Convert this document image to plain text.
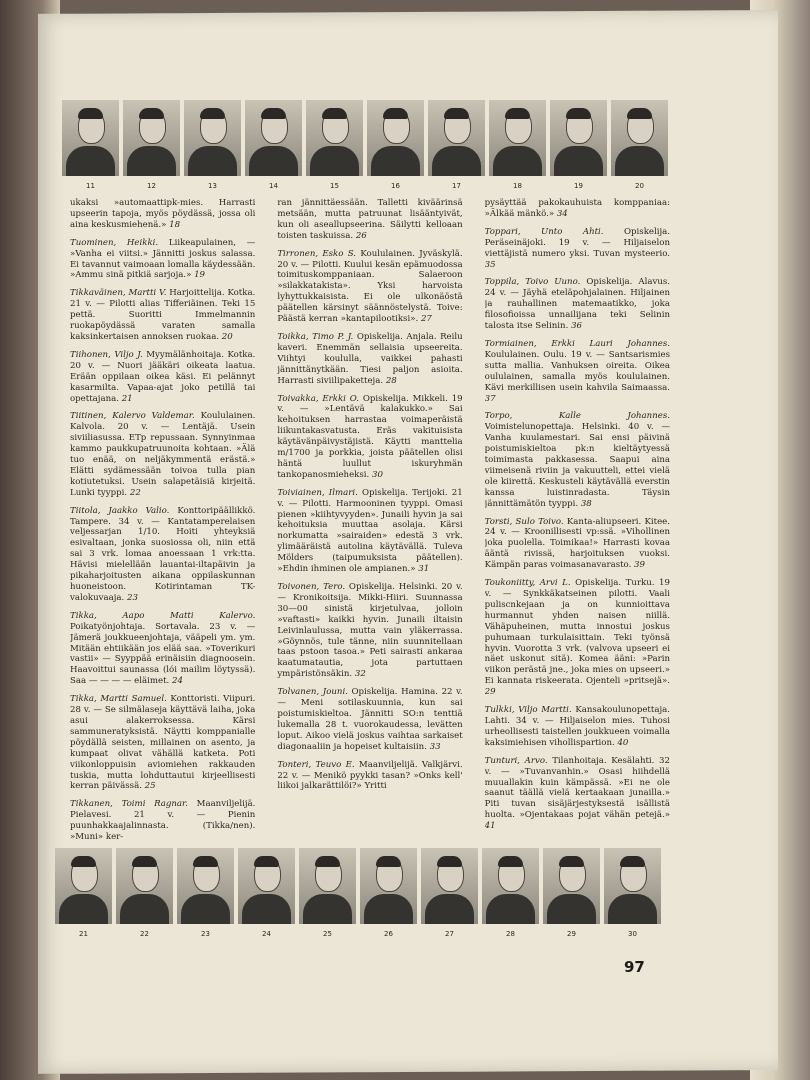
11	12	13	14	15	16	17	18	19	20
21	22	23	24	25	26	27	28	29	30

ukaksi »automaattipk-mies. Harrasti upseerin tapoja, myös pöydässä, jossa oli aina keskusmiehenä.» 18

Tuominen, Heikki. Liikeapulainen, — »Vanha ei viitsi.» Jännitti joskus salassa. Ei tavannut vaimoaan lomalla käydessään. »Ammu sinä pitkiä sarjoja.» 19

Tikkaväinen, Martti V. Harjoittelija. Kotka. 21 v. — Pilotti alias Tifferiäinen. Teki 15 pettä. Suoritti Immelmannin ruokapöydässä varaten samalla kaksinkertaisen annoksen ruokaa. 20

Tiihonen, Viljo J. Myymälänhoitaja. Kotka. 20 v. — Nuori jääkäri oikeata laatua. Erään oppilaan oikea käsi. Ei pelännyt kasarmilta. Vapaa-ajat joko petillä tai opettajana. 21

Tiitinen, Kalervo Valdemar. Koululainen. Kalvola. 20 v. — Lentäjä. Usein siviiliasussa. ETp repussaan. Synnyinmaa kammo paukkupatruunoita kohtaan. »Älä tuo enää, on neljäkymmentä erästä.» Elätti sydämessään toivoa tulla pian kotiutetuksi. Usein salapetäisiä kirjeitä. Lunki tyyppi. 22

Tiitola, Jaakko Valio. Konttoripäällikkö. Tampere. 34 v. — Kantatamperelaisen veljessarjan 1/10. Hoiti yhteyksiä esivaltaan, jonka suosiossa oli, niin että sai 3 vrk. lomaa anoessaan 1 vrk:tta. Hävisi mielellään lauantai-iltapäivin ja pikaharjoitusten aikana oppilaskunnan huoneistoon. Kotirintaman TK-valokuvaaja. 23

Tikka, Aapo Matti Kalervo. Poikatyönjohtaja. Sortavala. 23 v. — Jämerä joukkueenjohtaja, vääpeli ym. ym. Mitään ehtiikään jos elää saa. »Toverikuri vastii» — Syyppää erinäisiin diagnoosein. Haavoittui saunassa (lói mailim löytyssä). Saa — — — — eläimet. 24

Tikka, Martti Samuel. Konttoristi. Viipuri. 28 v. — Se silmälaseja käyttävä laiha, joka asui alakerroksessa. Kärsi sammuneratyksistä. Näytti komppanialle pöydällä seisten, millainen on asento, ja kumpaat olivat vähällä katketa. Poti viikonloppuisin aviomiehen rakkauden tuskia, mutta lohduttautui kirjeellisesti kerran päivässä. 25

Tikkanen, Toimi Ragnar. Maanviljelijä. Pielavesi. 21 v. — Pienin puunhakkaajalinnasta. (Tikka/nen). »Muni» ker-

ran jännittäessään. Talletti kiväärinsä metsään, mutta patruunat lisääntyivät, kun oli aseallupseerina. Säilytti kelloaan toisten taskuissa. 26

Tirronen, Esko S. Koululainen. Jyväskylä. 20 v. — Pilotti. Kuului kesän epämuodossa toimituskomppaniaan. Salaeroon »silakkatakista». Yksi harvoista lyhyttukkaisista. Ei ole ulkonäöstä päätellen kärsinyt säännöstelystä. Toive: Päästä kerran »kantapilootiksi». 27

Toikka, Timo P. J. Opiskelija. Anjala. Reilu kaveri. Enemmän sellaisia upseereita. Viihtyi koululla, vaikkei pahasti jännittänytkään. Tiesi paljon asioita. Harrasti siviilipaketteja. 28

Toivakka, Erkki O. Opiskelija. Mikkeli. 19 v. — »Lentävä kalakukko.» Sai kehoituksen harrastaa voimaperäistä liikuntakasvatusta. Eräs vakituisista käytävänpäivystäjistä. Käytti manttelia m/1700 ja porkkia, joista päätellen olisi häntä luullut iskuryhmän tankopanosmieheksi. 30

Toiviainen, Ilmari. Opiskelija. Terijoki. 21 v. — Pilotti. Harmooninen tyyppi. Omasi pienen »kiihtyvyyden». Junaili hyvin ja sai kehoituksia muuttaa asolaja. Kärsi norkumatta »sairaiden» edestä 3 vrk. ylimääräistä autolina käytävällä. Tuleva Mölders (taipumuksista päätellen). »Ehdin ihminen ole ampianen.» 31

Toivonen, Tero. Opiskelija. Helsinki. 20 v. — Kronikoitsija. Mikki-Hiiri. Suunnassa 30—00 sinistä kirjetulvaa, jolloin »vaftasti» kaikki hyvin. Junaili iltaisin Leivinlaulussa, mutta vain yläkerrassa. »Göynnös, tule tänne, niin suunnitellaan taas pstoon tasoa.» Peti sairasti ankaraa kaatumatautia, jota partuttaen ympäristönsäkin. 32

Tolvanen, Jouni. Opiskelija. Hamina. 22 v. — Meni sotilaskuunnia, kun sai poistumiskieltoa. Jännitti SO:n tenttiä lukemalla 28 t. vuorokaudessa, levätten loput. Aikoo vielä joskus vaihtaa sarkaiset diagonaaliin ja hopeiset kultaisiin. 33

Tonteri, Teuvo E. Maanviljelijä. Valkjärvi. 22 v. — Menikö pyykki tasan? »Onks kell' liikoi jalkarättilöi?» Yritti

pysäyttää pakokauhuista komppaniaa: »Älkää mänkö.» 34

Toppari, Unto Ahti. Opiskelija. Peräseinäjoki. 19 v. — Hiljaiselon viettäjistä numero yksi. Tuvan mysteerio. 35

Toppila, Toivo Uuno. Opiskelija. Alavus. 24 v. — Jäyhä eteläpohjalainen. Hiljainen ja rauhallinen matemaatikko, joka filosofioissa unnailijana teki Selinin talosta itse Selinin. 36

Tormiainen, Erkki Lauri Johannes. Koululainen. Oulu. 19 v. — Santsarismies sutta mallia. Vanhuksen oireita. Oikea oululainen, samalla myös koululainen. Kävi merkillisen usein kahvila Saimaassa. 37

Torpo, Kalle Johannes. Voimistelunopettaja. Helsinki. 40 v. — Vanha kuulamestari. Sai ensi päivinä poistumiskieltoa pk:n kieltäytyessä toimimasta pakkasessa. Saapui aina viimeisenä riviin ja vakuutteli, ettei vielä ole kiirettä. Keskusteli käytävällä everstin kanssa luistinradasta. Täysin jännittämätön tyyppi. 38

Torsti, Sulo Toivo. Kanta-aliupseeri. Kitee. 24 v. — Kroonillisesti vp:ssä. »Vihollinen joka puolella. Toimikaa!» Harrasti kovaa ääntä rivissä, harjoituksen vuoksi. Kämpän paras voimasanavarasto. 39

Toukoniitty, Arvi L. Opiskelija. Turku. 19 v. — Synkkäkatseinen pilotti. Vaali puliscnkejaan ja on kunnioittava hurmannut yhden naisen niillä. Vähäpuheinen, mutta innostui joskus puhumaan turkulaisittain. Teki työnsä hyvin. Vuorotta 3 vrk. (valvova upseeri ei näet uskonut sitä). Komea ääni: »Parin viikon perästä jne., joka mies on upseeri.» Ei kannata riskeerata. Ojenteli »pritsejä». 29

Tulkki, Viljo Martti. Kansakoulunopettaja. Lahti. 34 v. — Hiljaiselon mies. Tuhosi urheollisesti taistellen joukkueen voimalla kaksimiehisen vihollispartion. 40

Tunturi, Arvo. Tilanhoitaja. Kesälahti. 32 v. — »Tuvanvanhin.» Osasi hiihdellä muuallakin kuin kämpässä. »Ei ne ole saanut täällä vielä kertaakaan junailla.» Piti tuvan sisäjärjestyksestä isällistä huolta. »Ojentakaas pojat vähän petejä.» 41

97
